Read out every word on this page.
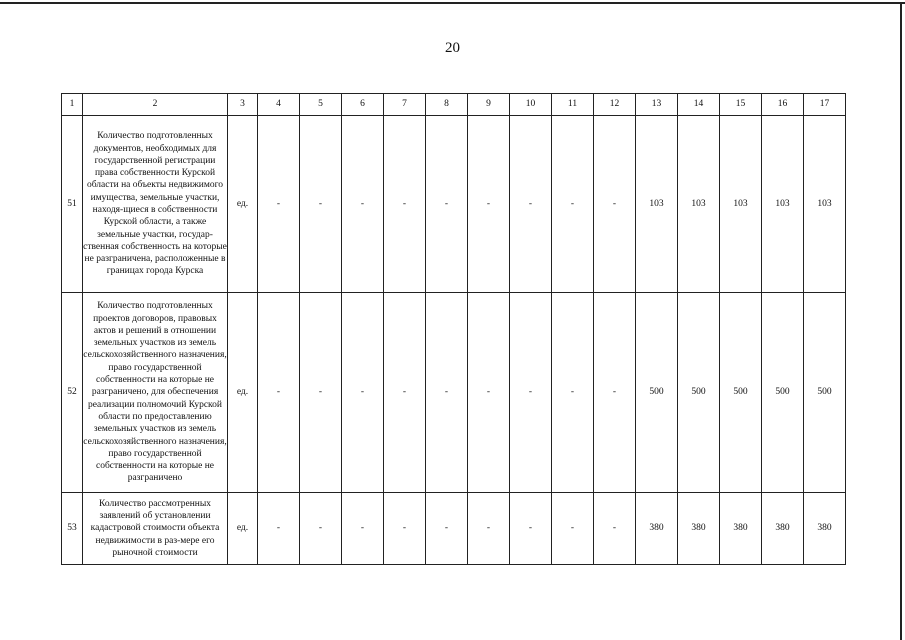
20
1	2	3	4	5	6	7	8	9	10	11	12	13	14	15	16	17
51	Количество подготовленных документов, необходимых для государственной регистрации права собственности Курской области на объекты недвижимого имущества, земельные участки, находя-щиеся в собственности Курской области, а также земельные участки, государ-ственная собственность на которые не разграничена, расположенные в границах города Курска	ед.	-	-	-	-	-	-	-	-	-	103	103	103	103	103
52	Количество подготовленных проектов договоров, правовых актов и решений в отношении земельных участков из земель сельскохозяйственного назначения, право государственной собственности на которые не разграничено, для обеспечения реализации полномочий Курской области по предоставлению земельных участков из земель сельскохозяйственного назначения, право государственной собственности на которые не разграничено	ед.	-	-	-	-	-	-	-	-	-	500	500	500	500	500
53	Количество рассмотренных заявлений об установлении кадастровой стоимости объекта недвижимости в раз-мере его рыночной стоимости	ед.	-	-	-	-	-	-	-	-	-	380	380	380	380	380
